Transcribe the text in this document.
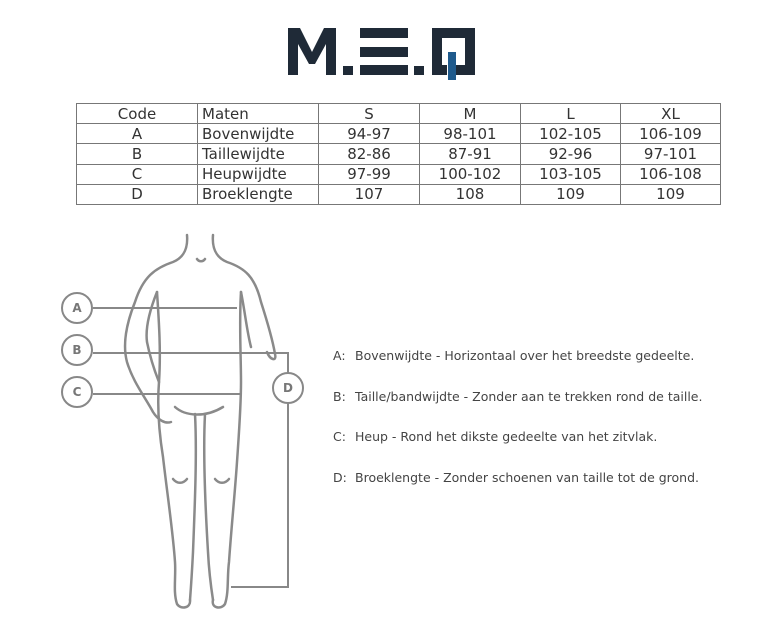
Code	Maten	S	M	L	XL
A	Bovenwijdte	94-97	98-101	102-105	106-109
B	Taillewijdte	82-86	87-91	92-96	97-101
C	Heupwijdte	97-99	100-102	103-105	106-108
D	Broeklengte	107	108	109	109
A
B
C	D
A: Bovenwijdte - Horizontaal over het breedste gedeelte.
B: Taille/bandwijdte - Zonder aan te trekken rond de taille.
C: Heup - Rond het dikste gedeelte van het zitvlak.
D: Broeklengte - Zonder schoenen van taille tot de grond.
